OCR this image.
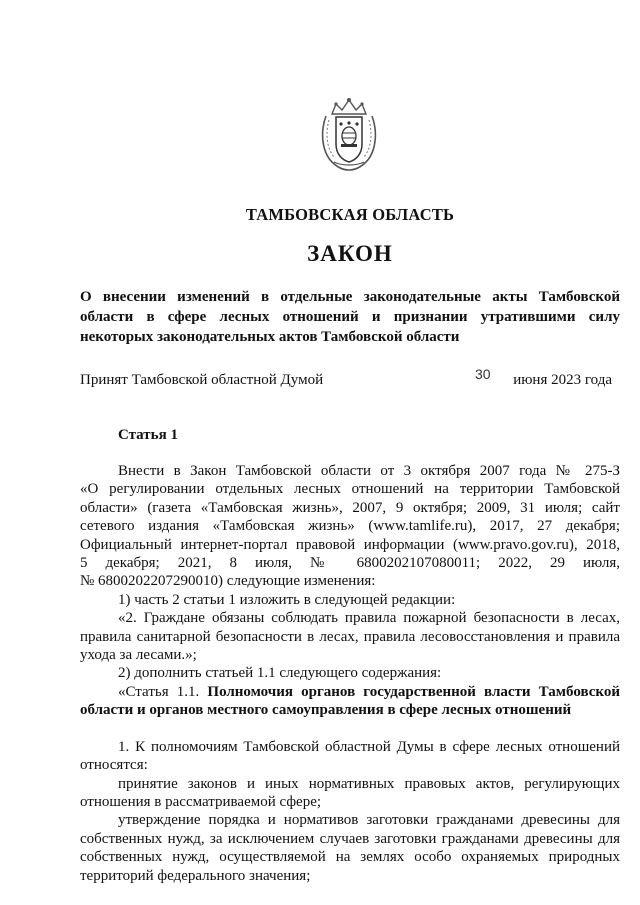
ТАМБОВСКАЯ ОБЛАСТЬ
ЗАКОН
О внесении изменений в отдельные законодательные акты Тамбовской
области в сфере лесных отношений и признании утратившими силу
некоторых законодательных актов Тамбовской области
Принят Тамбовской областной Думой	30 июня 2023 года
Статья 1
Внести в Закон Тамбовской области от 3 октября 2007 года № 275-З
«О регулировании отдельных лесных отношений на территории Тамбовской
области» (газета «Тамбовская жизнь», 2007, 9 октября; 2009, 31 июля; сайт
сетевого издания «Тамбовская жизнь» (www.tamlife.ru), 2017, 27 декабря;
Официальный интернет-портал правовой информации (www.pravo.gov.ru), 2018,
5 декабря; 2021, 8 июля, № 6800202107080011; 2022, 29 июля,
№ 6800202207290010) следующие изменения:
1) часть 2 статьи 1 изложить в следующей редакции:
«2. Граждане обязаны соблюдать правила пожарной безопасности в лесах,
правила санитарной безопасности в лесах, правила лесовосстановления и правила
ухода за лесами.»;
2) дополнить статьей 1.1 следующего содержания:
«Статья 1.1. Полномочия органов государственной власти Тамбовской
области и органов местного самоуправления в сфере лесных отношений
1. К полномочиям Тамбовской областной Думы в сфере лесных отношений
относятся:
принятие законов и иных нормативных правовых актов, регулирующих
отношения в рассматриваемой сфере;
утверждение порядка и нормативов заготовки гражданами древесины для
собственных нужд, за исключением случаев заготовки гражданами древесины для
собственных нужд, осуществляемой на землях особо охраняемых природных
территорий федерального значения;
